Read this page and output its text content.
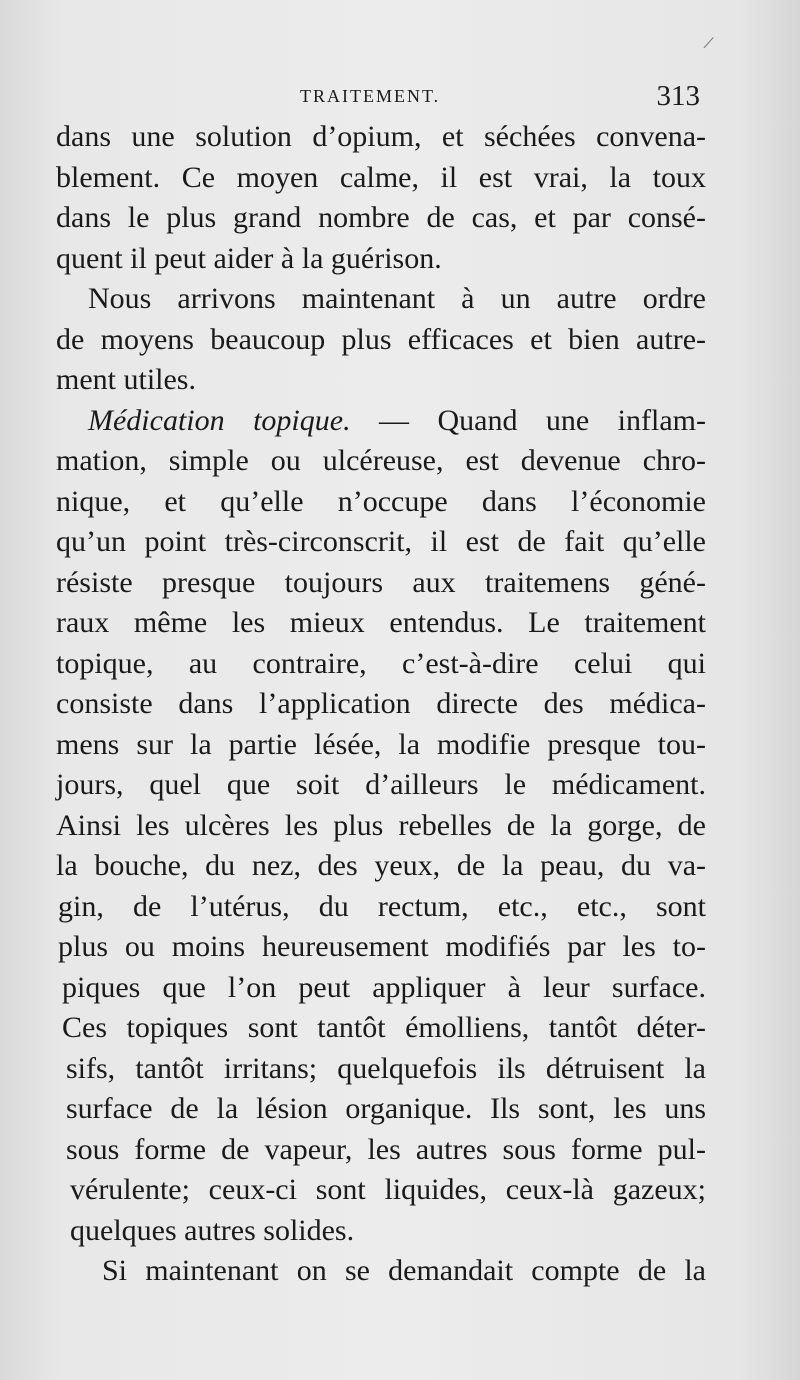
TRAITEMENT.	313
dans une solution d’opium, et séchées convena-
blement. Ce moyen calme, il est vrai, la toux
dans le plus grand nombre de cas, et par consé-
quent il peut aider à la guérison.
Nous arrivons maintenant à un autre ordre
de moyens beaucoup plus efficaces et bien autre-
ment utiles.
Médication topique. — Quand une inflam-
mation, simple ou ulcéreuse, est devenue chro-
nique, et qu’elle n’occupe dans l’économie
qu’un point très-circonscrit, il est de fait qu’elle
résiste presque toujours aux traitemens géné-
raux même les mieux entendus. Le traitement
topique, au contraire, c’est-à-dire celui qui
consiste dans l’application directe des médica-
mens sur la partie lésée, la modifie presque tou-
jours, quel que soit d’ailleurs le médicament.
Ainsi les ulcères les plus rebelles de la gorge, de
la bouche, du nez, des yeux, de la peau, du va-
gin, de l’utérus, du rectum, etc., etc., sont
plus ou moins heureusement modifiés par les to-
piques que l’on peut appliquer à leur surface.
Ces topiques sont tantôt émolliens, tantôt déter-
sifs, tantôt irritans; quelquefois ils détruisent la
surface de la lésion organique. Ils sont, les uns
sous forme de vapeur, les autres sous forme pul-
vérulente; ceux-ci sont liquides, ceux-là gazeux;
quelques autres solides.
Si maintenant on se demandait compte de la
